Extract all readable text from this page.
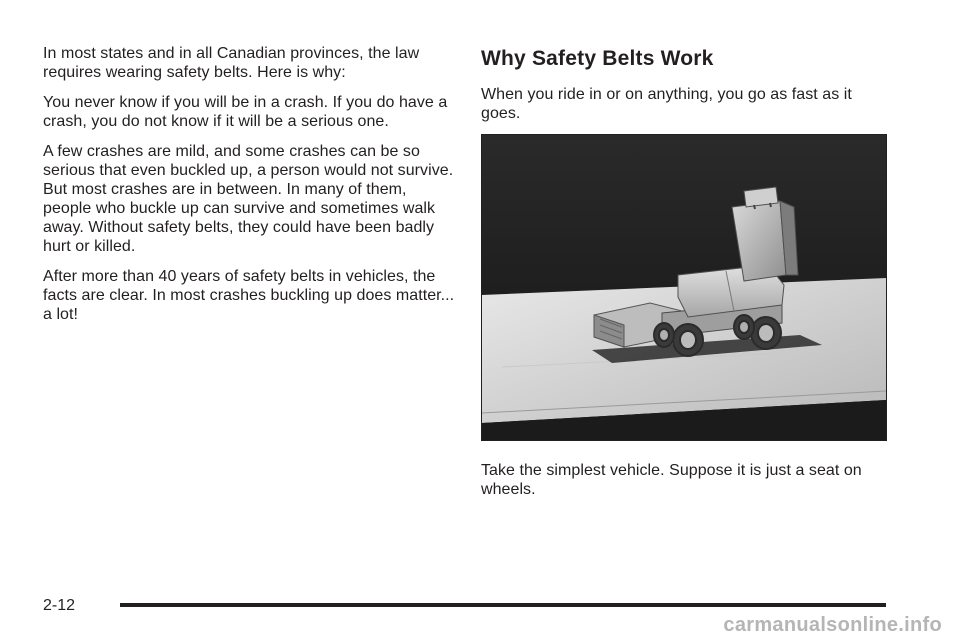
In most states and in all Canadian provinces, the law requires wearing safety belts. Here is why:

You never know if you will be in a crash. If you do have a crash, you do not know if it will be a serious one.

A few crashes are mild, and some crashes can be so serious that even buckled up, a person would not survive. But most crashes are in between. In many of them, people who buckle up can survive and sometimes walk away. Without safety belts, they could have been badly hurt or killed.

After more than 40 years of safety belts in vehicles, the facts are clear. In most crashes buckling up does matter... a lot!

Why Safety Belts Work

When you ride in or on anything, you go as fast as it goes.

Take the simplest vehicle. Suppose it is just a seat on wheels.

2-12
carmanualsonline.info
